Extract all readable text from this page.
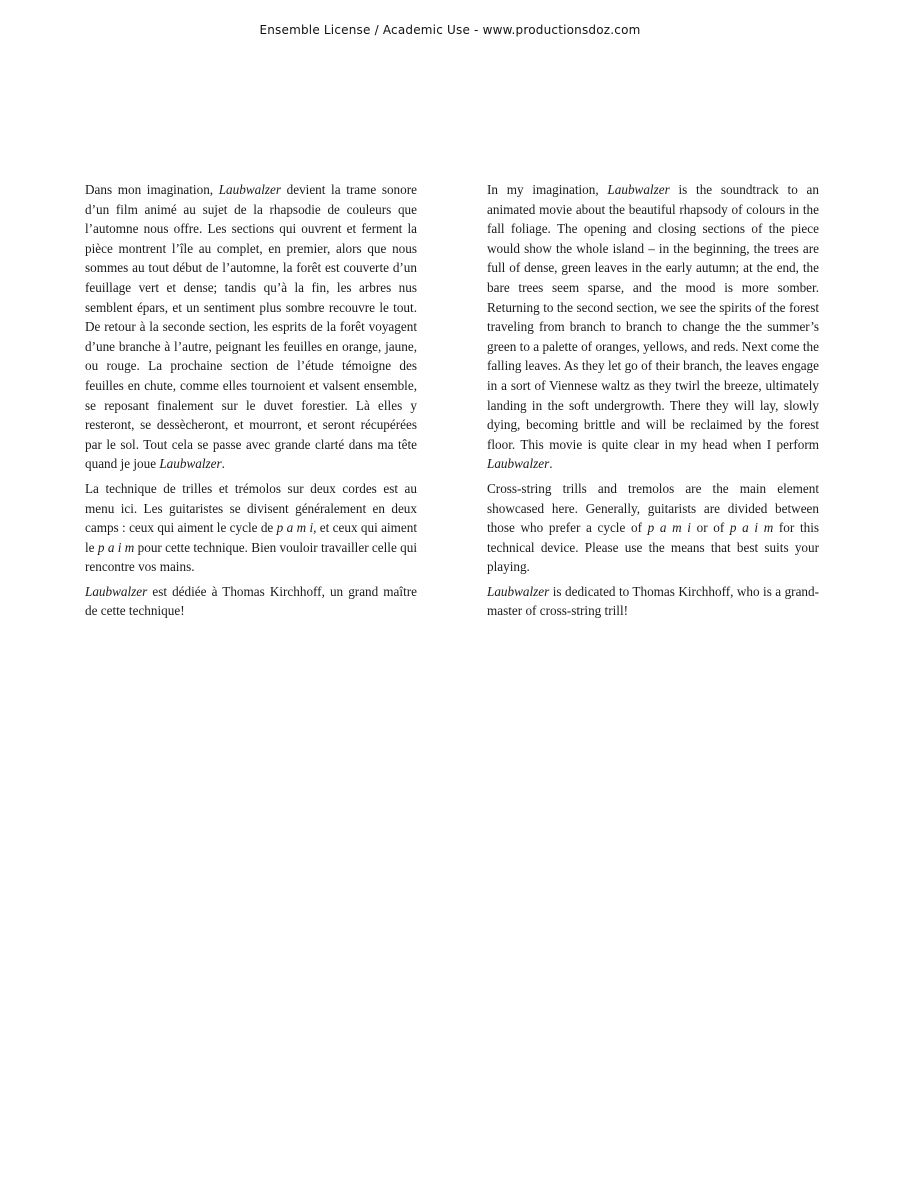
Ensemble License / Academic Use - www.productionsdoz.com

Dans mon imagination, Laubwalzer devient la trame sonore d’un film animé au sujet de la rhapsodie de couleurs que l’automne nous offre. Les sections qui ouvrent et ferment la pièce montrent l’île au complet, en premier, alors que nous sommes au tout début de l’automne, la forêt est couverte d’un feuillage vert et dense; tandis qu’à la fin, les arbres nus semblent épars, et un sentiment plus sombre recouvre le tout. De retour à la seconde section, les esprits de la forêt voyagent d’une branche à l’autre, peignant les feuilles en orange, jaune, ou rouge. La prochaine section de l’étude témoigne des feuilles en chute, comme elles tournoient et valsent ensemble, se reposant finalement sur le duvet forestier. Là elles y resteront, se dessècheront, et mourront, et seront récupérées par le sol. Tout cela se passe avec grande clarté dans ma tête quand je joue Laubwalzer.

La technique de trilles et trémolos sur deux cordes est au menu ici. Les guitaristes se divisent généralement en deux camps : ceux qui aiment le cycle de p a m i, et ceux qui aiment le p a i m pour cette technique. Bien vouloir travailler celle qui rencontre vos mains.

Laubwalzer est dédiée à Thomas Kirchhoff, un grand maître de cette technique!

In my imagination, Laubwalzer is the soundtrack to an animated movie about the beautiful rhapsody of colours in the fall foliage. The opening and closing sections of the piece would show the whole island – in the beginning, the trees are full of dense, green leaves in the early autumn; at the end, the bare trees seem sparse, and the mood is more somber. Returning to the second section, we see the spirits of the forest traveling from branch to branch to change the the summer’s green to a palette of oranges, yellows, and reds. Next come the falling leaves. As they let go of their branch, the leaves engage in a sort of Viennese waltz as they twirl the breeze, ultimately landing in the soft undergrowth. There they will lay, slowly dying, becoming brittle and will be reclaimed by the forest floor. This movie is quite clear in my head when I perform Laubwalzer.

Cross-string trills and tremolos are the main element showcased here. Generally, guitarists are divided between those who prefer a cycle of p a m i or of p a i m for this technical device. Please use the means that best suits your playing.

Laubwalzer is dedicated to Thomas Kirchhoff, who is a grand-master of cross-string trill!
